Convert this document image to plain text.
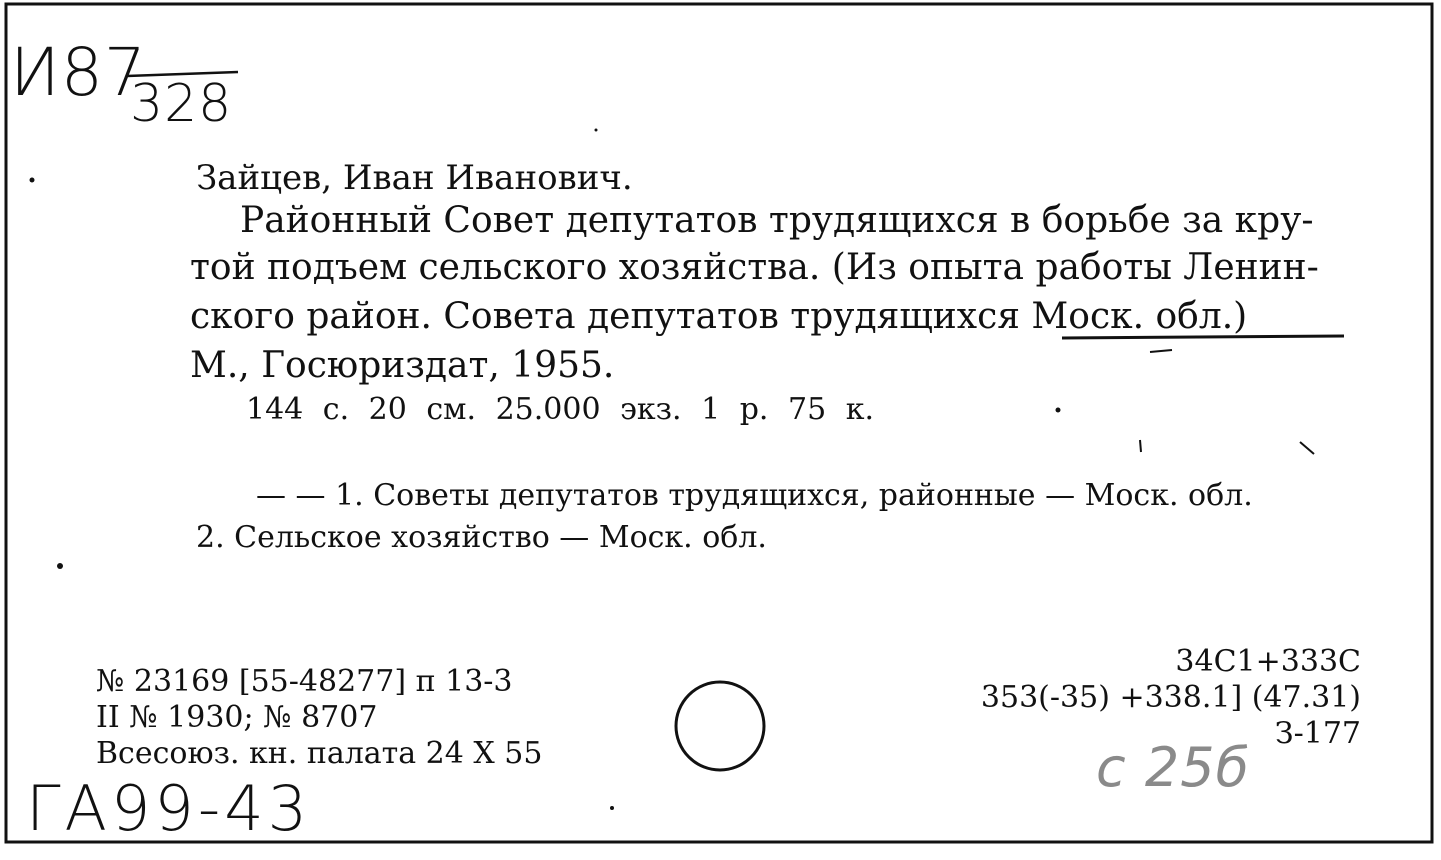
И87
328
Зайцев, Иван Иванович.
Районный Совет депутатов трудящихся в борьбе за кру-
той подъем сельского хозяйства. (Из опыта работы Ленин-
ского район. Совета депутатов трудящихся Моск. обл.)
М., Госюриздат, 1955.
144 с. 20 см. 25.000 экз. 1 р. 75 к.
— — 1. Советы депутатов трудящихся, районные — Моск. обл.
2. Сельское хозяйство — Моск. обл.
№ 23169 [55-48277] п 13-3
II № 1930; № 8707
Всесоюз. кн. палата 24 X 55
34С1+333С
353(-35) +338.1] (47.31)
З-177
ГА99-43
с 25б
